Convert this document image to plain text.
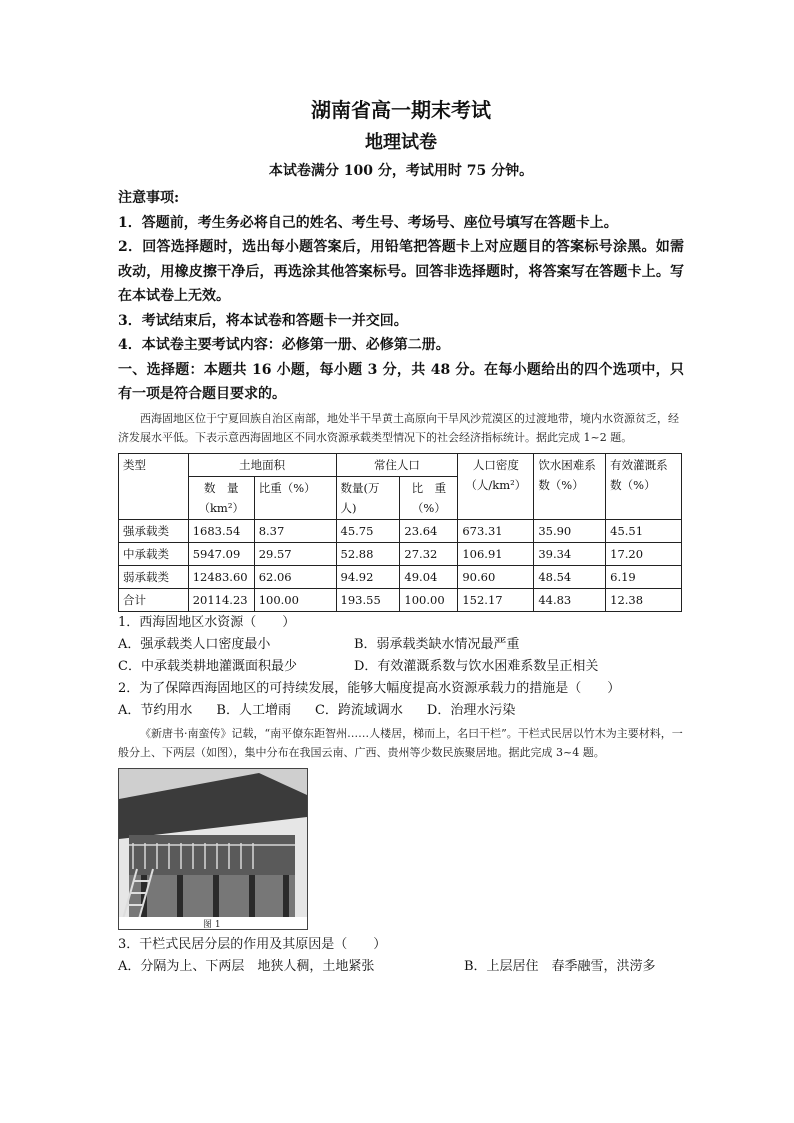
湖南省高一期末考试
地理试卷

本试卷满分 100 分，考试用时 75 分钟。

注意事项:

1．答题前，考生务必将自己的姓名、考生号、考场号、座位号填写在答题卡上。

2．回答选择题时，选出每小题答案后，用铅笔把答题卡上对应题目的答案标号涂黑。如需改动，用橡皮擦干净后，再选涂其他答案标号。回答非选择题时，将答案写在答题卡上。写在本试卷上无效。

3．考试结束后，将本试卷和答题卡一并交回。

4．本试卷主要考试内容：必修第一册、必修第二册。

一、选择题：本题共 16 小题，每小题 3 分，共 48 分。在每小题给出的四个选项中，只有一项是符合题目要求的。

西海固地区位于宁夏回族自治区南部，地处半干旱黄土高原向干旱风沙荒漠区的过渡地带，境内水资源贫乏，经济发展水平低。下表示意西海固地区不同水资源承载类型情况下的社会经济指标统计。据此完成 1~2 题。

类型	土地面积		常住人口		人口密度（人/km²）	饮水困难系数（%）	有效灌溉系数（%）
	数　量（km²）	比重（%）	数量(万人)	比　重（%）			
强承载类	1683.54	8.37	45.75	23.64	673.31	35.90	45.51
中承载类	5947.09	29.57	52.88	27.32	106.91	39.34	17.20
弱承载类	12483.60	62.06	94.92	49.04	90.60	48.54	6.19
合计	20114.23	100.00	193.55	100.00	152.17	44.83	12.38

1．西海固地区水资源（　　）

A．强承载类人口密度最小	B．弱承载类缺水情况最严重
C．中承载类耕地灌溉面积最少	D．有效灌溉系数与饮水困难系数呈正相关

2．为了保障西海固地区的可持续发展，能够大幅度提高水资源承载力的措施是（　　）

A．节约用水 B．人工增雨 C．跨流域调水 D．治理水污染

《新唐书·南蛮传》记载，“南平僚东距智州……人楼居，梯而上，名曰干栏”。干栏式民居以竹木为主要材料，一般分上、下两层（如图），集中分布在我国云南、广西、贵州等少数民族聚居地。据此完成 3~4 题。

图 1

3．干栏式民居分层的作用及其原因是（　　）

A．分隔为上、下两层　地狭人稠，土地紧张	B．上层居住　春季融雪，洪涝多
